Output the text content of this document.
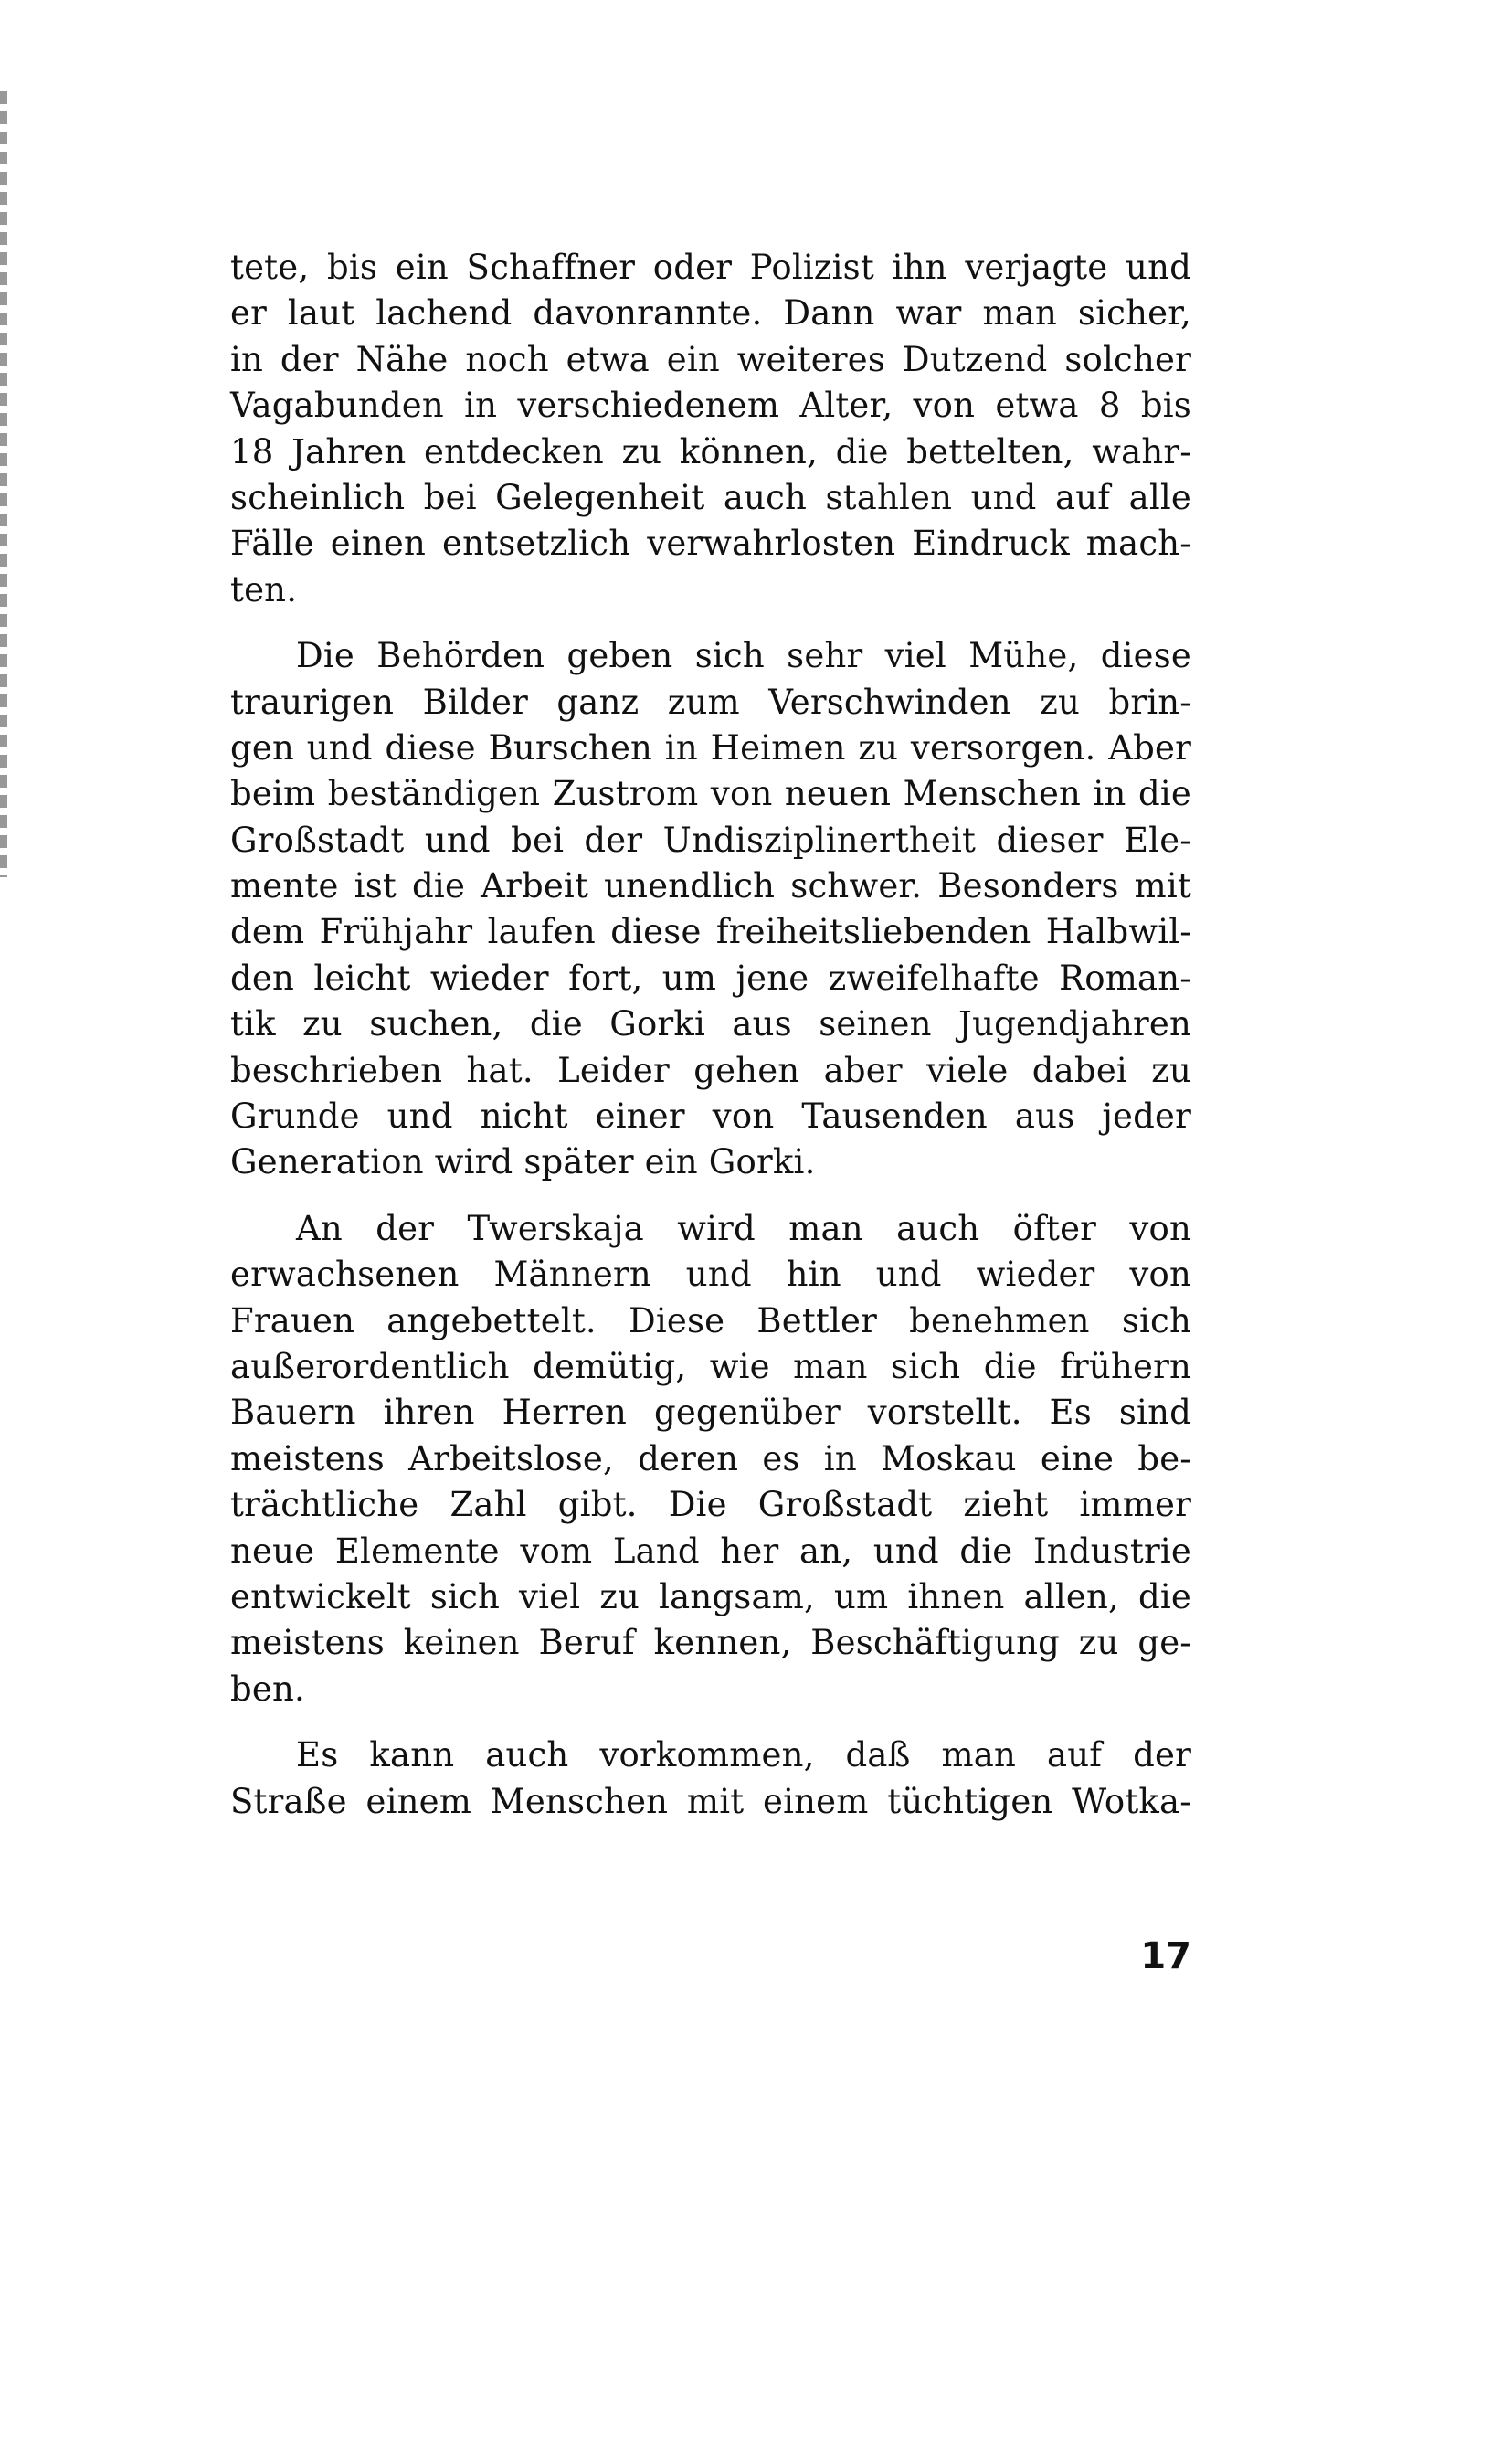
tete, bis ein Schaffner oder Polizist ihn verjagte und
er laut lachend davonrannte. Dann war man sicher,
in der Nähe noch etwa ein weiteres Dutzend solcher
Vagabunden in verschiedenem Alter, von etwa 8 bis
18 Jahren entdecken zu können, die bettelten, wahr-
scheinlich bei Gelegenheit auch stahlen und auf alle
Fälle einen entsetzlich verwahrlosten Eindruck mach-
ten.
Die Behörden geben sich sehr viel Mühe, diese
traurigen Bilder ganz zum Verschwinden zu brin-
gen und diese Burschen in Heimen zu versorgen. Aber
beim beständigen Zustrom von neuen Menschen in die
Großstadt und bei der Undisziplinertheit dieser Ele-
mente ist die Arbeit unendlich schwer. Besonders mit
dem Frühjahr laufen diese freiheitsliebenden Halbwil-
den leicht wieder fort, um jene zweifelhafte Roman-
tik zu suchen, die Gorki aus seinen Jugendjahren
beschrieben hat. Leider gehen aber viele dabei zu
Grunde und nicht einer von Tausenden aus jeder
Generation wird später ein Gorki.
An der Twerskaja wird man auch öfter von
erwachsenen Männern und hin und wieder von
Frauen angebettelt. Diese Bettler benehmen sich
außerordentlich demütig, wie man sich die frühern
Bauern ihren Herren gegenüber vorstellt. Es sind
meistens Arbeitslose, deren es in Moskau eine be-
trächtliche Zahl gibt. Die Großstadt zieht immer
neue Elemente vom Land her an, und die Industrie
entwickelt sich viel zu langsam, um ihnen allen, die
meistens keinen Beruf kennen, Beschäftigung zu ge-
ben.
Es kann auch vorkommen, daß man auf der
Straße einem Menschen mit einem tüchtigen Wotka-
17
